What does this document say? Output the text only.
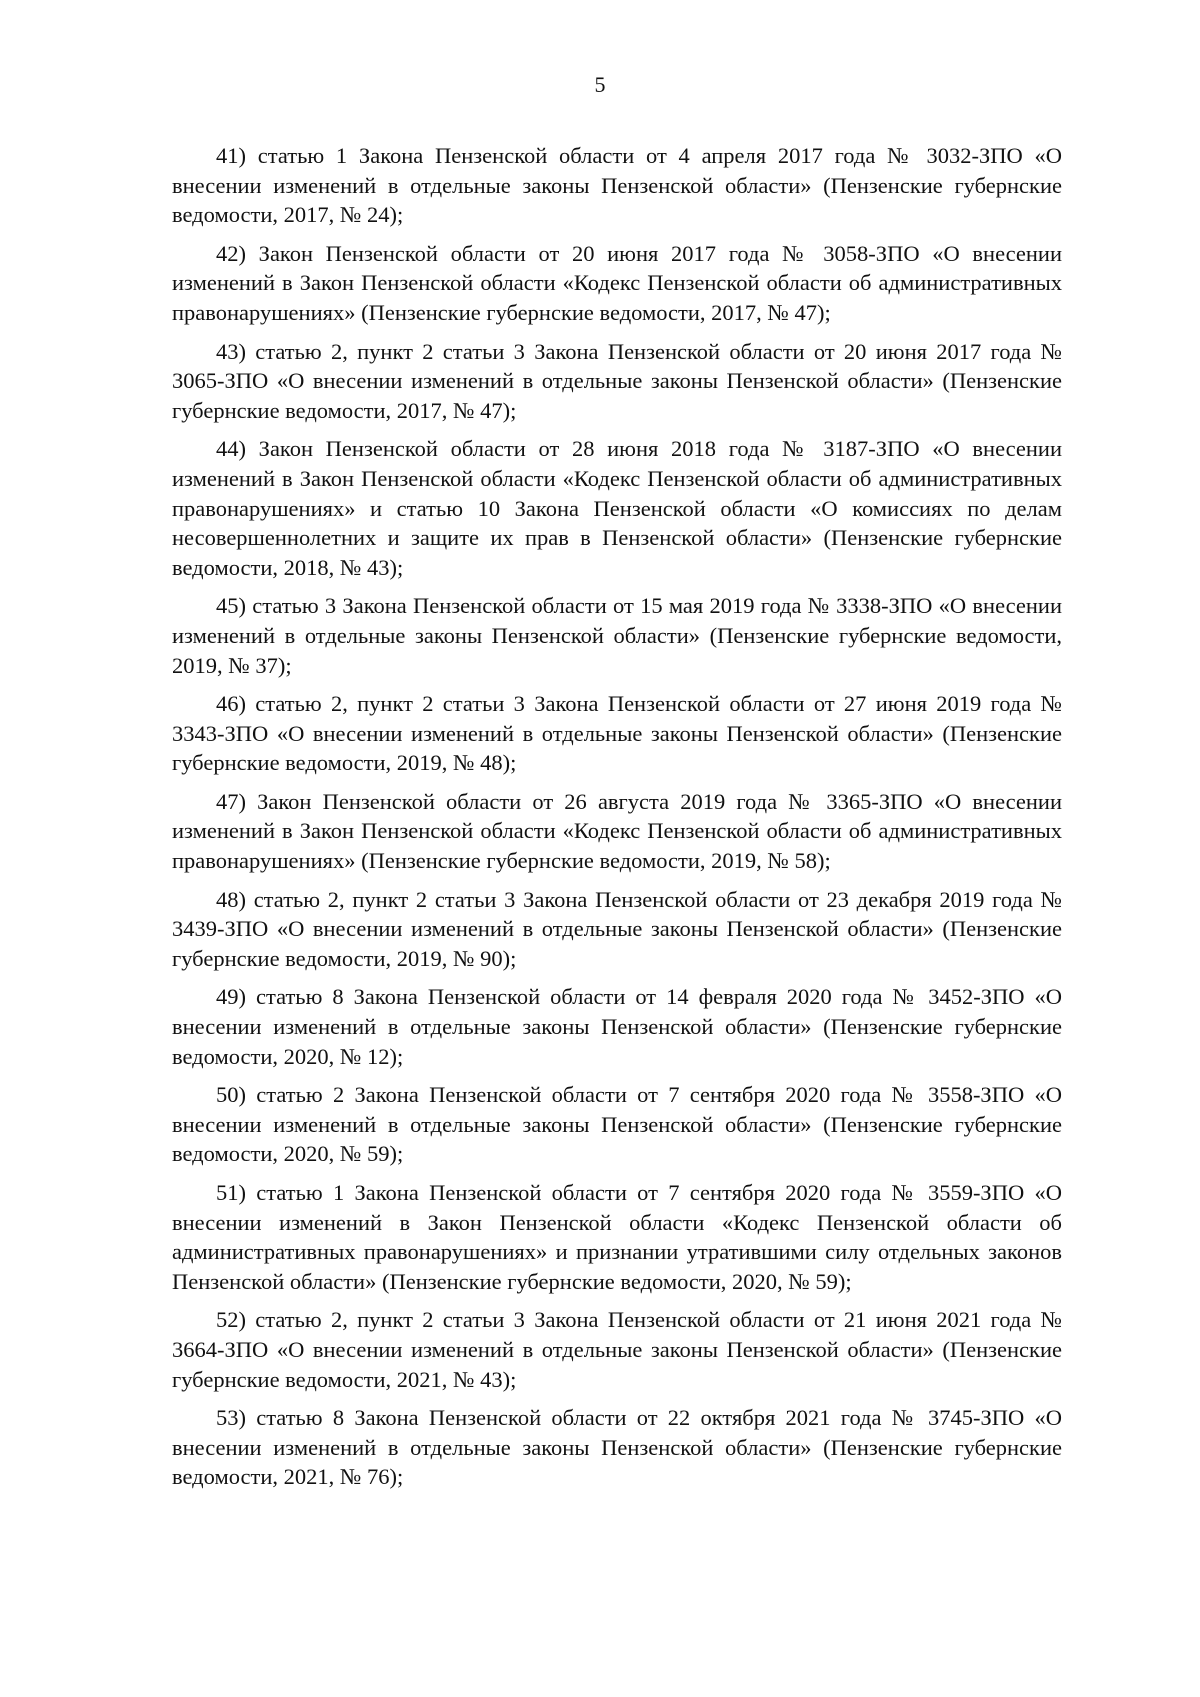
5

41) статью 1 Закона Пензенской области от 4 апреля 2017 года № 3032-ЗПО «О внесении изменений в отдельные законы Пензенской области» (Пензенские губернские ведомости, 2017, № 24);

42) Закон Пензенской области от 20 июня 2017 года № 3058-ЗПО «О внесении изменений в Закон Пензенской области «Кодекс Пензенской области об административных правонарушениях» (Пензенские губернские ведомости, 2017, № 47);

43) статью 2, пункт 2 статьи 3 Закона Пензенской области от 20 июня 2017 года № 3065-ЗПО «О внесении изменений в отдельные законы Пензенской области» (Пензенские губернские ведомости, 2017, № 47);

44) Закон Пензенской области от 28 июня 2018 года № 3187-ЗПО «О внесении изменений в Закон Пензенской области «Кодекс Пензенской области об административных правонарушениях» и статью 10 Закона Пензенской области «О комиссиях по делам несовершеннолетних и защите их прав в Пензенской области» (Пензенские губернские ведомости, 2018, № 43);

45) статью 3 Закона Пензенской области от 15 мая 2019 года № 3338-ЗПО «О внесении изменений в отдельные законы Пензенской области» (Пензенские губернские ведомости, 2019, № 37);

46) статью 2, пункт 2 статьи 3 Закона Пензенской области от 27 июня 2019 года № 3343-ЗПО «О внесении изменений в отдельные законы Пензенской области» (Пензенские губернские ведомости, 2019, № 48);

47) Закон Пензенской области от 26 августа 2019 года № 3365-ЗПО «О внесении изменений в Закон Пензенской области «Кодекс Пензенской области об административных правонарушениях» (Пензенские губернские ведомости, 2019, № 58);

48) статью 2, пункт 2 статьи 3 Закона Пензенской области от 23 декабря 2019 года № 3439-ЗПО «О внесении изменений в отдельные законы Пензенской области» (Пензенские губернские ведомости, 2019, № 90);

49) статью 8 Закона Пензенской области от 14 февраля 2020 года № 3452-ЗПО «О внесении изменений в отдельные законы Пензенской области» (Пензенские губернские ведомости, 2020, № 12);

50) статью 2 Закона Пензенской области от 7 сентября 2020 года № 3558-ЗПО «О внесении изменений в отдельные законы Пензенской области» (Пензенские губернские ведомости, 2020, № 59);

51) статью 1 Закона Пензенской области от 7 сентября 2020 года № 3559-ЗПО «О внесении изменений в Закон Пензенской области «Кодекс Пензенской области об административных правонарушениях» и признании утратившими силу отдельных законов Пензенской области» (Пензенские губернские ведомости, 2020, № 59);

52) статью 2, пункт 2 статьи 3 Закона Пензенской области от 21 июня 2021 года № 3664-ЗПО «О внесении изменений в отдельные законы Пензенской области» (Пензенские губернские ведомости, 2021, № 43);

53) статью 8 Закона Пензенской области от 22 октября 2021 года № 3745-ЗПО «О внесении изменений в отдельные законы Пензенской области» (Пензенские губернские ведомости, 2021, № 76);
